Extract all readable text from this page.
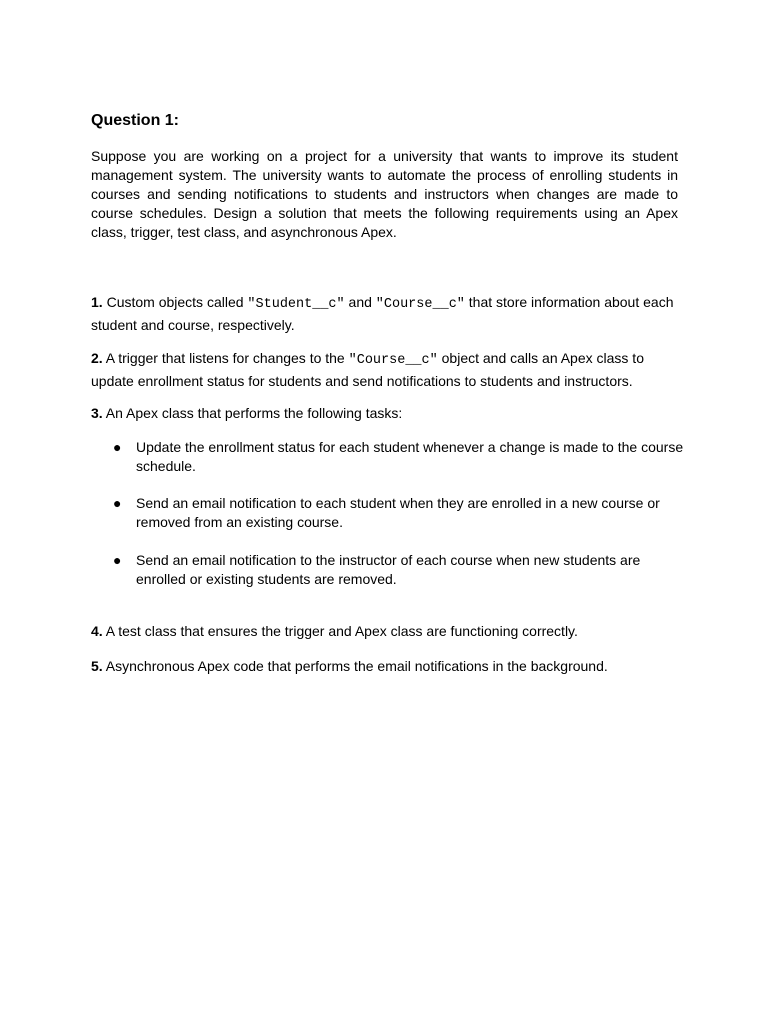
Question 1:

Suppose you are working on a project for a university that wants to improve its student management system. The university wants to automate the process of enrolling students in courses and sending notifications to students and instructors when changes are made to course schedules. Design a solution that meets the following requirements using an Apex class, trigger, test class, and asynchronous Apex.

1. Custom objects called "Student__c" and "Course__c" that store information about each student and course, respectively.

2. A trigger that listens for changes to the "Course__c" object and calls an Apex class to update enrollment status for students and send notifications to students and instructors.

3. An Apex class that performs the following tasks:

● Update the enrollment status for each student whenever a change is made to the course schedule.
● Send an email notification to each student when they are enrolled in a new course or removed from an existing course.
● Send an email notification to the instructor of each course when new students are enrolled or existing students are removed.

4. A test class that ensures the trigger and Apex class are functioning correctly.

5. Asynchronous Apex code that performs the email notifications in the background.
